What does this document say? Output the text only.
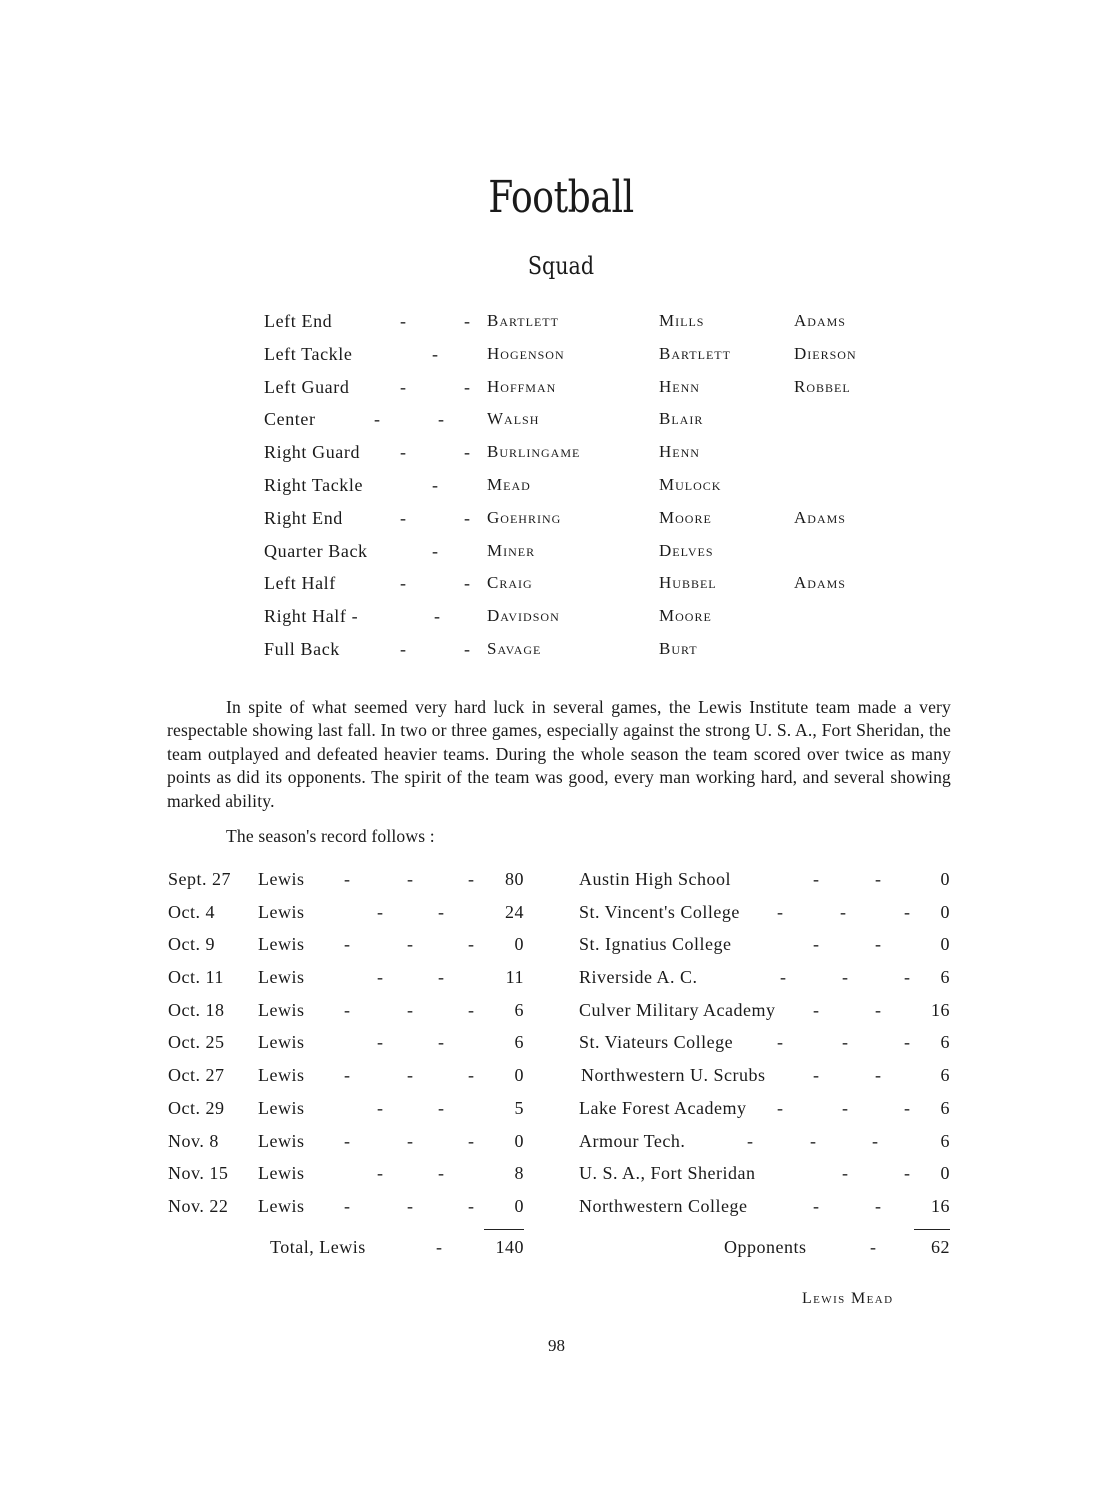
Football
Squad
Left End	-	- Bartlett	Mills	Adams
Left Tackle	-	Hogenson	Bartlett	Dierson
Left Guard	-	- Hoffman	Henn	Robbel
Center	-	- Walsh	Blair
Right Guard -	- Burlingame	Henn
Right Tackle	-	Mead	Mulock
Right End	-	- Goehring	Moore	Adams
Quarter Back	-	Miner	Delves
Left Half	-	- Craig	Hubbel	Adams
Right Half -	-	Davidson	Moore
Full Back	-	- Savage	Burt

In spite of what seemed very hard luck in several games, the Lewis Institute team made a very respectable showing last fall. In two or three games, especially against the strong U. S. A., Fort Sheridan, the team outplayed and defeated heavier teams. During the whole season the team scored over twice as many points as did its opponents. The spirit of the team was good, every man working hard, and several showing marked ability.

The season's record follows :

Sept. 27 Lewis -	-	- 80	Austin High School	-	-	0
Oct. 4 Lewis	-	-	24	St. Vincent's College -	-	- 0
Oct. 9 Lewis -	-	- 0	St. Ignatius College	-	-	0
Oct. 11 Lewis	-	-	11	Riverside A. C.	-	-	- 6
Oct. 18 Lewis -	-	- 6	Culver Military Academy -	-	16
Oct. 25 Lewis	-	-	6	St. Viateurs College -	-	- 6
Oct. 27 Lewis -	-	- 0	Northwestern U. Scrubs	-	-	6
Oct. 29 Lewis	-	-	5	Lake Forest Academy -	-	- 6
Nov. 8 Lewis -	-	- 0	Armour Tech.	-	-	-	6
Nov. 15 Lewis	-	-	8	U. S. A., Fort Sheridan	-	- 0
Nov. 22 Lewis -	-	- 0	Northwestern College	-	-	16
Total, Lewis	-	140	Opponents	-	62
Lewis Mead
98
